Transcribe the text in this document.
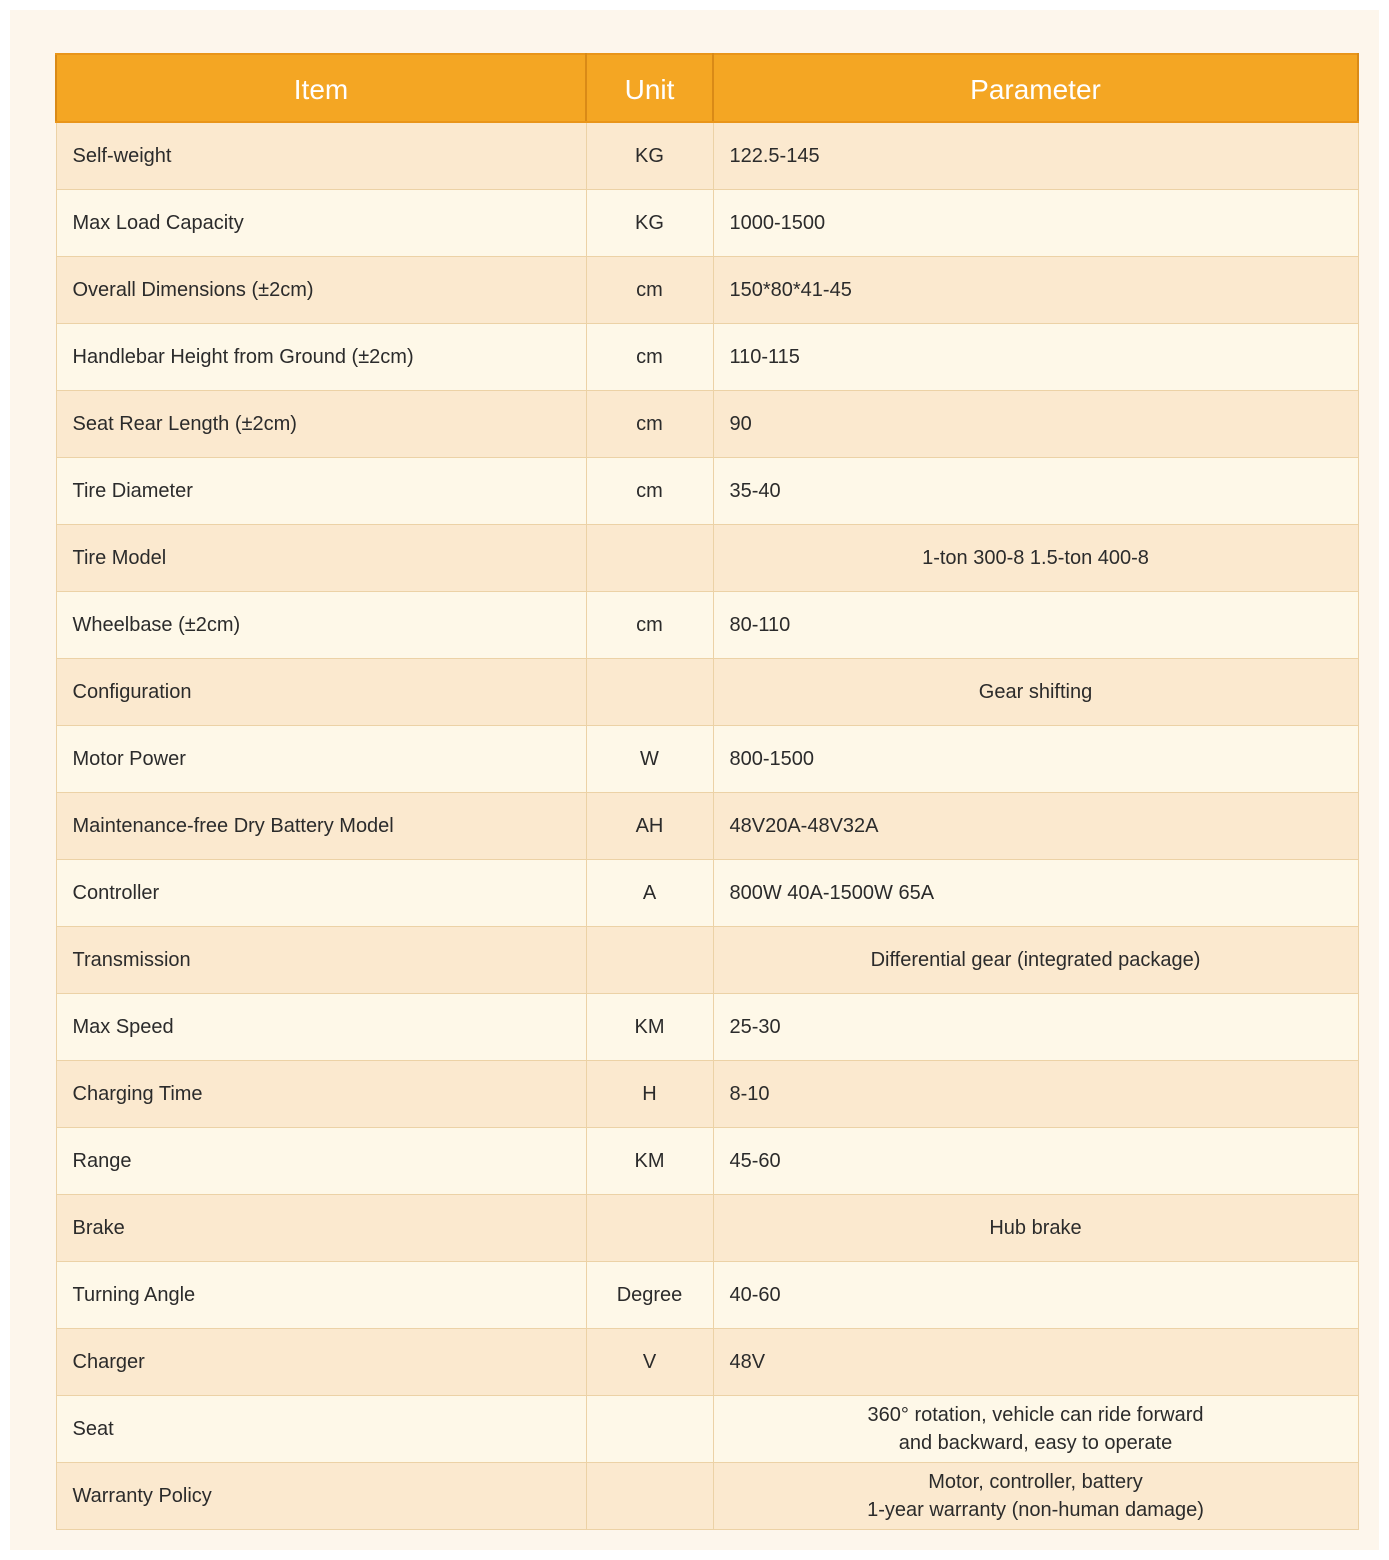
Item	Unit	Parameter
Self-weight	KG	122.5-145

Max Load Capacity	KG	1000-1500

Overall Dimensions (±2cm)	cm	150*80*41-45

Handlebar Height from Ground (±2cm)	cm	110-115

Seat Rear Length (±2cm)	cm	90

Tire Diameter	cm	35-40

Tire Model		1-ton 300-8 1.5-ton 400-8

Wheelbase (±2cm)	cm	80-110

Configuration		Gear shifting

Motor Power	W	800-1500

Maintenance-free Dry Battery Model	AH	48V20A-48V32A

Controller	A	800W 40A-1500W 65A

Transmission		Differential gear (integrated package)

Max Speed	KM	25-30

Charging Time	H	8-10

Range	KM	45-60

Brake		Hub brake

Turning Angle	Degree	40-60

Charger	V	48V

Seat		360° rotation, vehicle can ride forward
and backward, easy to operate

Warranty Policy		Motor, controller, battery
1-year warranty (non-human damage)
